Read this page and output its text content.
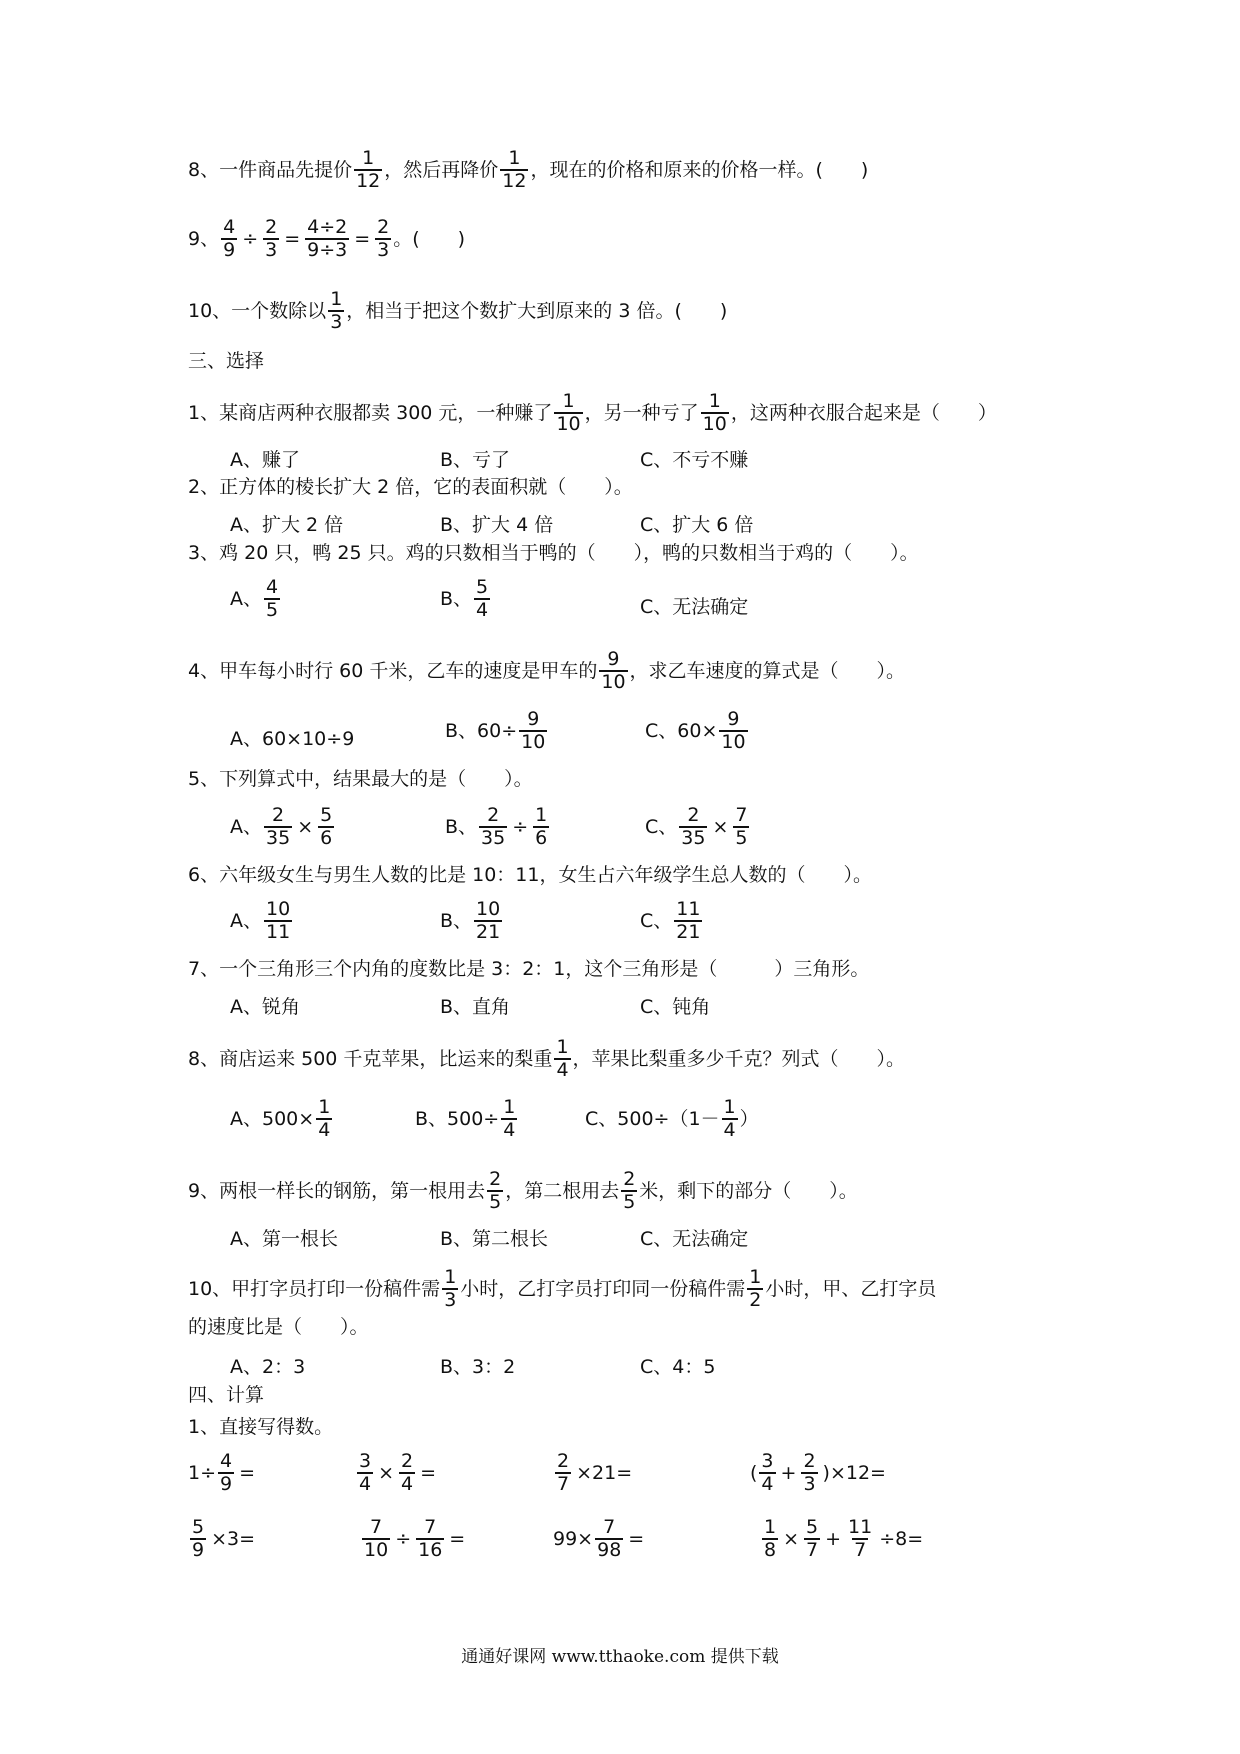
8、一件商品先提价 $\frac{1}{12}$ ，然后再降价 $\frac{1}{12}$ ，现在的价格和原来的价格一样。(　　)
9、 $\frac{4}{9} \div \frac{2}{3} = \frac{4\div 2}{9\div 3} = \frac{2}{3}$ 。(　　)
10、一个数除以 $\frac{1}{3}$ ，相当于把这个数扩大到原来的 3 倍。(　　)
三、选择
1、某商店两种衣服都卖 300 元，一种赚了 $\frac{1}{10}$ ，另一种亏了 $\frac{1}{10}$ ，这两种衣服合起来是（　　）
A、赚了	B、亏了	C、不亏不赚
2、正方体的棱长扩大 2 倍，它的表面积就（　　）。
A、扩大 2 倍	B、扩大 4 倍	C、扩大 6 倍
3、鸡 20 只，鸭 25 只。鸡的只数相当于鸭的（　　），鸭的只数相当于鸡的（　　）。
A、 $\frac{4}{5}$	B、 $\frac{5}{4}$	C、无法确定
4、甲车每小时行 60 千米，乙车的速度是甲车的 $\frac{9}{10}$ ，求乙车速度的算式是（　　）。
A、60×10÷9	B、$60\div \frac{9}{10}$	C、$60\times \frac{9}{10}$
5、下列算式中，结果最大的是（　　）。
A、 $\frac{2}{35} \times \frac{5}{6}$	B、 $\frac{2}{35} \div \frac{1}{6}$	C、 $\frac{2}{35} \times \frac{7}{5}$
6、六年级女生与男生人数的比是 10：11，女生占六年级学生总人数的（　　）。
A、 $\frac{10}{11}$	B、 $\frac{10}{21}$	C、 $\frac{11}{21}$
7、一个三角形三个内角的度数比是 3：2：1，这个三角形是（　　　）三角形。
A、锐角	B、直角	C、钝角
8、商店运来 500 千克苹果，比运来的梨重 $\frac{1}{4}$ ，苹果比梨重多少千克？列式（　　）。
A、$500\times \frac{1}{4}$	B、$500\div \frac{1}{4}$	C、$500\div(1- \frac{1}{4}$ ）
9、两根一样长的钢筋，第一根用去 $\frac{2}{5}$ ，第二根用去 $\frac{2}{5}$ 米，剩下的部分（　　）。
A、第一根长	B、第二根长	C、无法确定
10、甲打字员打印一份稿件需 $\frac{1}{3}$ 小时，乙打字员打印同一份稿件需 $\frac{1}{2}$ 小时，甲、乙打字员
的速度比是（　　）。
A、2：3	B、3：2	C、4：5
四、计算
1、直接写得数。
$1\div \frac{4}{9}$ =	$\frac{3}{4} \times \frac{2}{4}$ =	$\frac{2}{7} \times 21=$	( $\frac{3}{4} + \frac{2}{3} )\times 12=$
$\frac{5}{9} \times 3=$	$\frac{7}{10} \div \frac{7}{16}$ =	$99\times \frac{7}{98}$ =	$\frac{1}{8} \times \frac{5}{7} + \frac{11}{7} \div 8=$
通通好课网 www.tthaoke.com 提供下载
